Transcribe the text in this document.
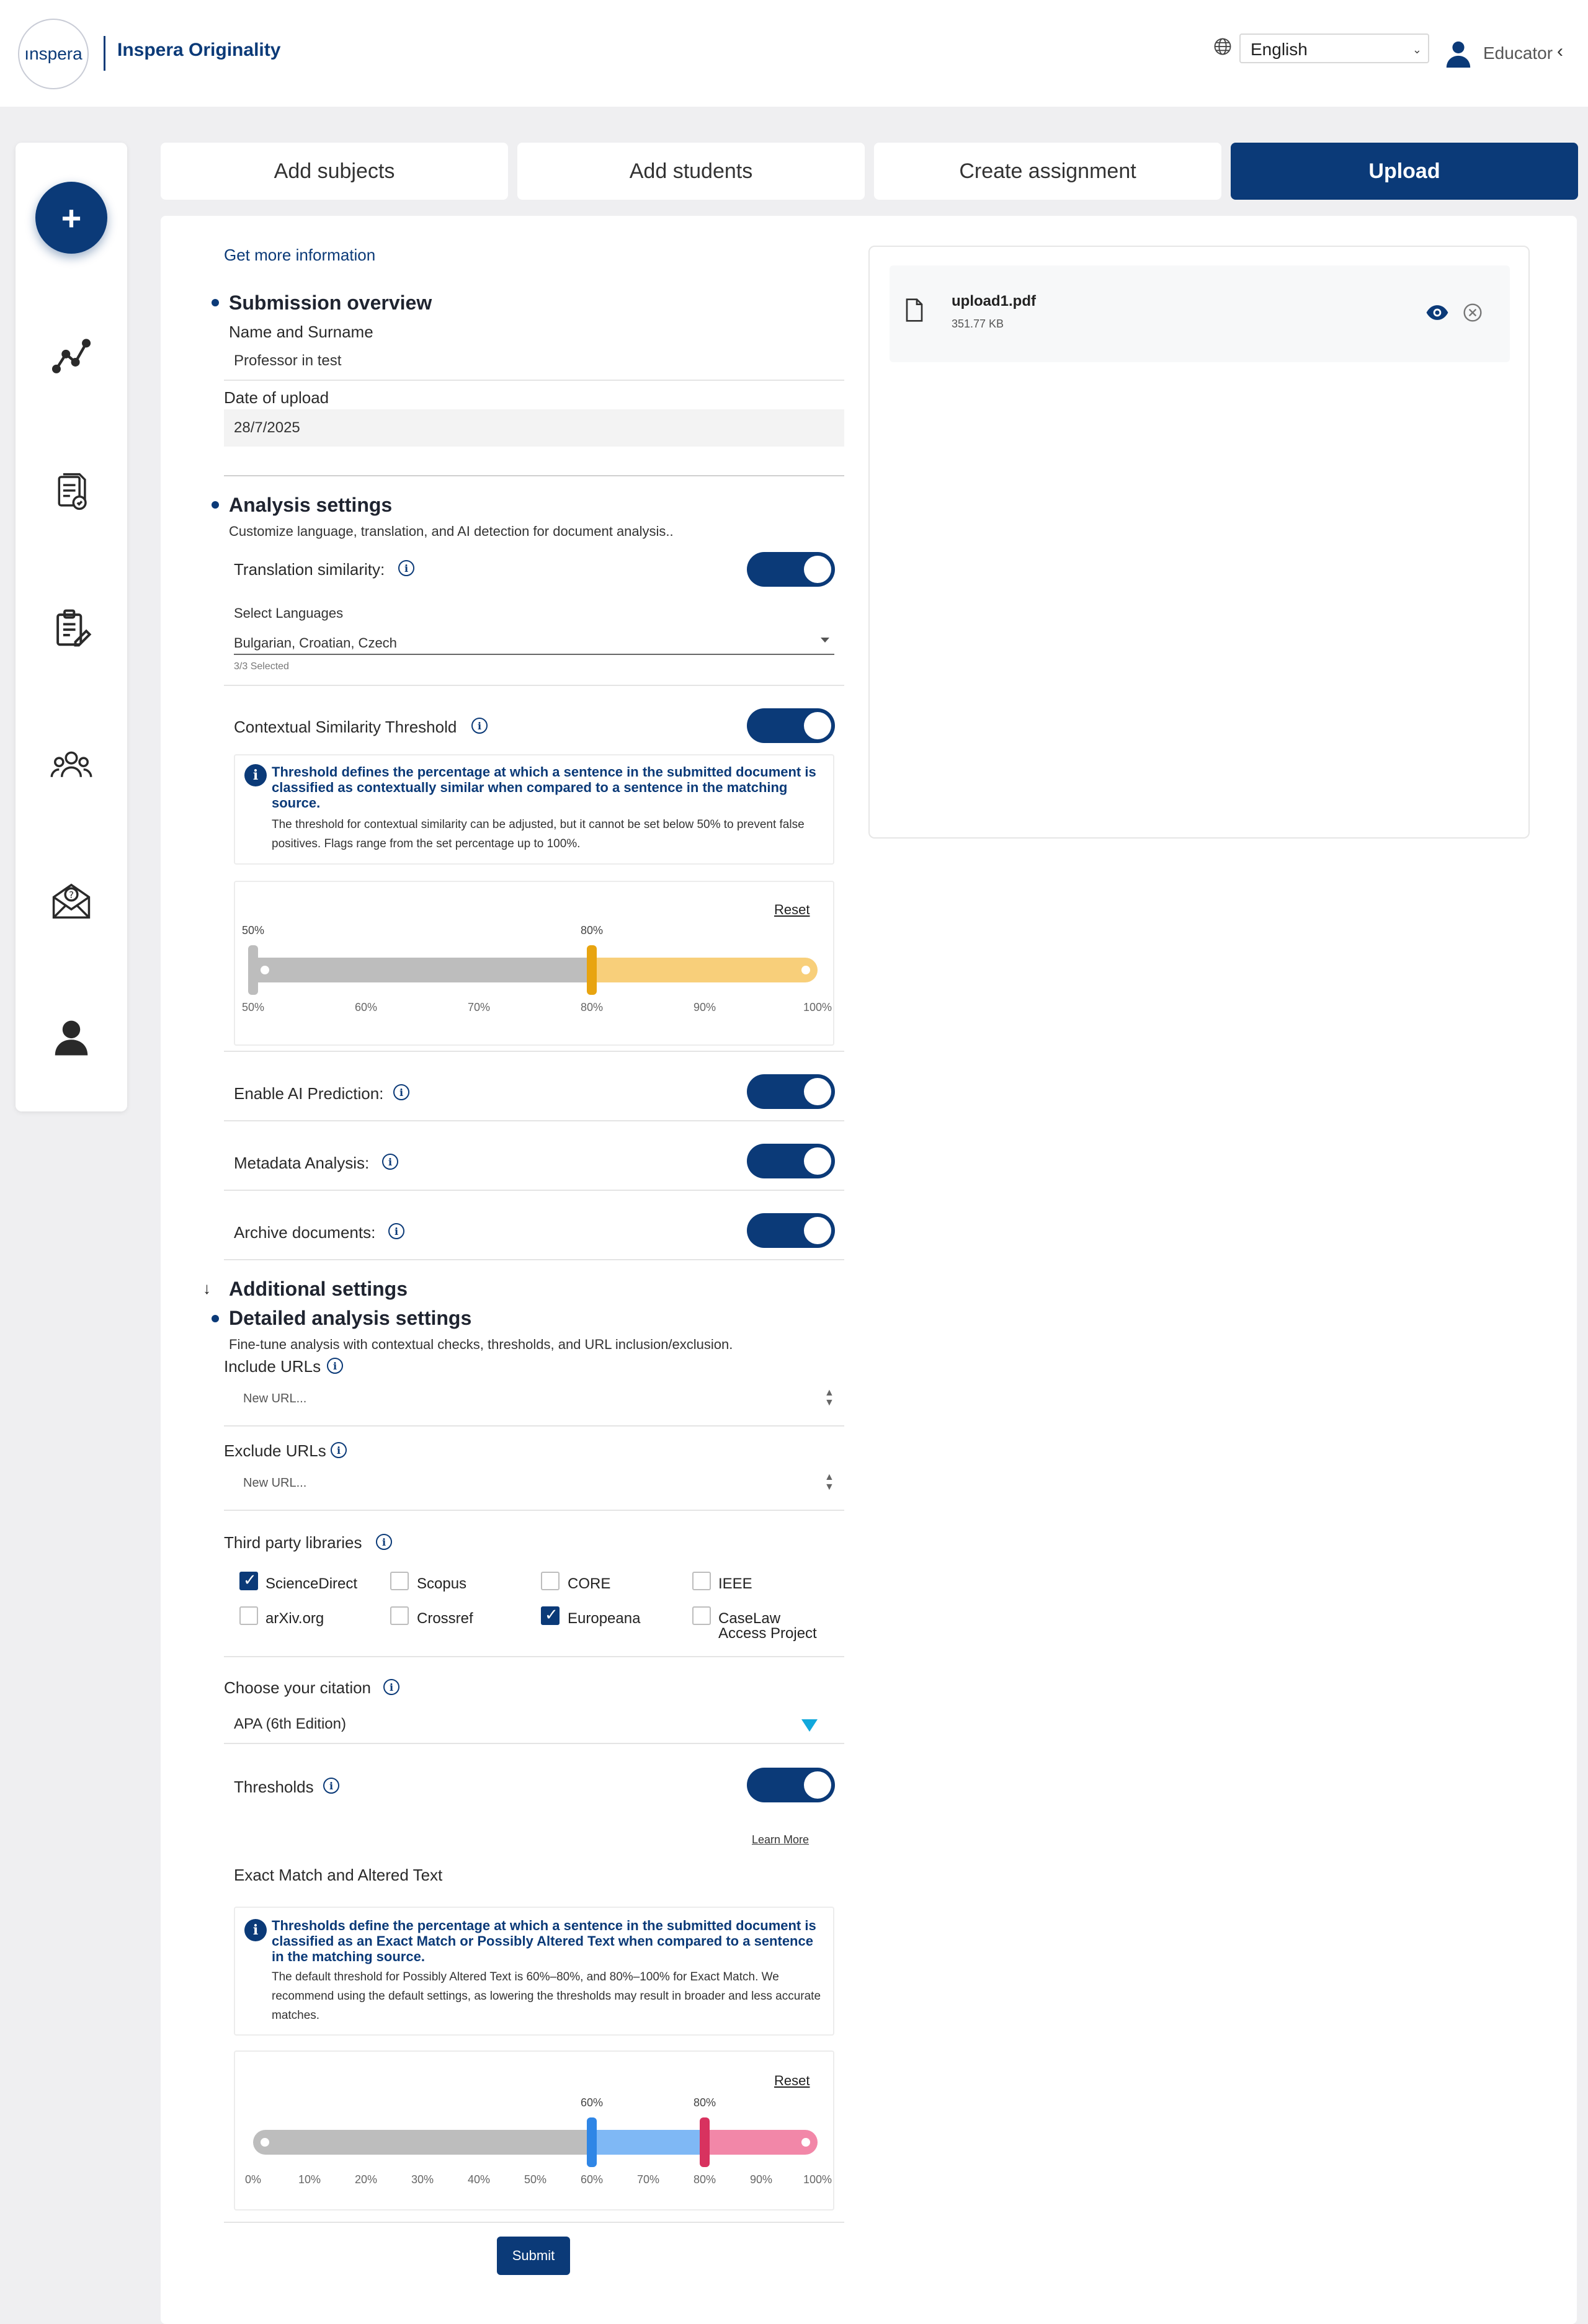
ınspera Inspera Originality	English	⌄	Educator ‹
+
?
Add subjects	Add students	Create assignment	Upload
Get more information
Submission overview
Name and Surname
Professor in test
Date of upload
28/7/2025
Analysis settings
Customize language, translation, and AI detection for document analysis..
Translation similarity:	i
Select Languages
Bulgarian, Croatian, Czech
3/3 Selected
Contextual Similarity Threshold	i
i Threshold defines the percentage at which a sentence in the submitted document is classified as contextually similar when compared to a sentence in the matching source.
The threshold for contextual similarity can be adjusted, but it cannot be set below 50% to prevent false positives. Flags range from the set percentage up to 100%.
Reset
50%	80%
50%	60%	70%	80%	90%	100%
Enable AI Prediction:	i
Metadata Analysis:	i
Archive documents:	i
↓ Additional settings
Detailed analysis settings
Fine-tune analysis with contextual checks, thresholds, and URL inclusion/exclusion.
Include URLs	i
New URL...	▲
▼
Exclude URLs	i
New URL...	▲
▼
Third party libraries	i
✓
ScienceDirect	Scopus	CORE	IEEE
arXiv.org	Crossref
✓	Europeana	CaseLaw Access Project
Choose your citation	i
APA (6th Edition)
Thresholds	i
Learn More
Exact Match and Altered Text
i Thresholds define the percentage at which a sentence in the submitted document is classified as an Exact Match or Possibly Altered Text when compared to a sentence in the matching source.
The default threshold for Possibly Altered Text is 60%–80%, and 80%–100% for Exact Match. We recommend using the default settings, as lowering the thresholds may result in broader and less accurate matches.
Reset
60%	80%
0%	10%	20%	30%	40%	50%	60%	70%	80%	90%	100%
Submit
upload1.pdf
351.77 KB
